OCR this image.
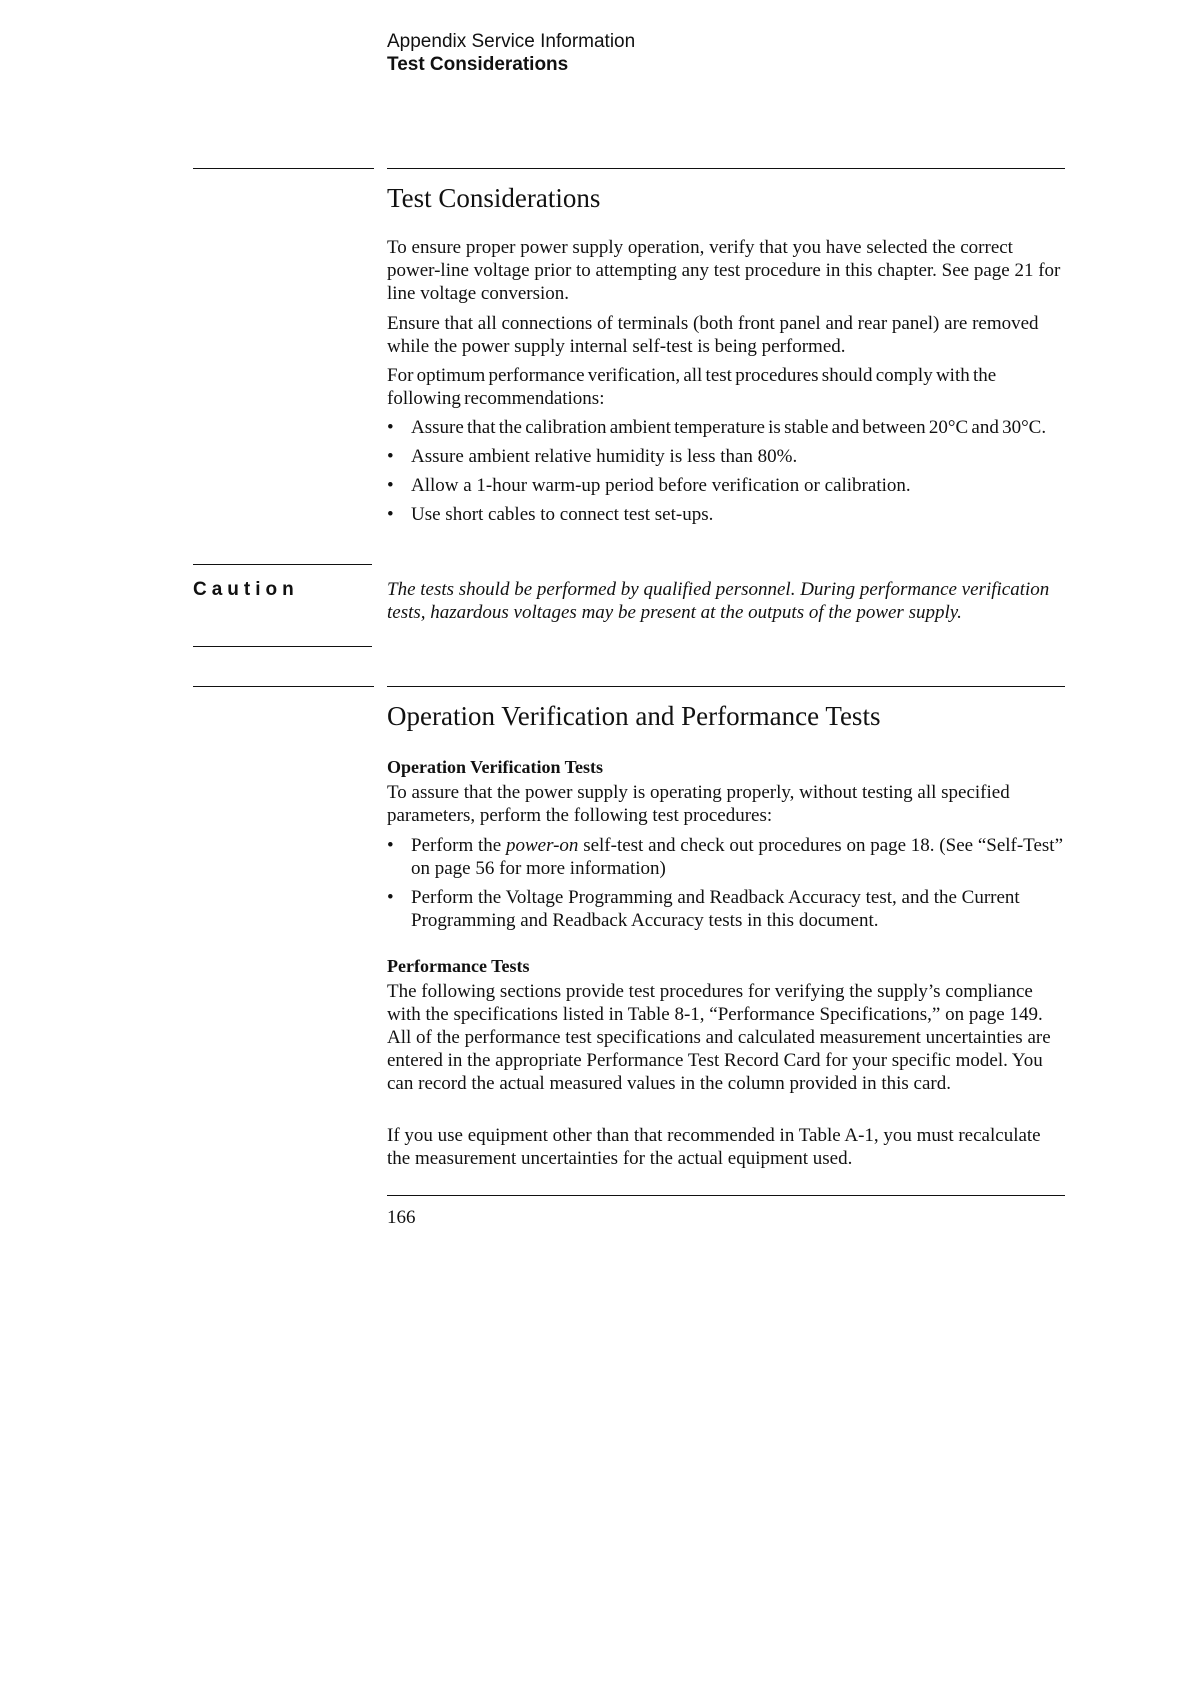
Appendix Service Information
Test Considerations
Test Considerations

To ensure proper power supply operation, verify that you have selected the correct power-line voltage prior to attempting any test procedure in this chapter. See page 21 for line voltage conversion.

Ensure that all connections of terminals (both front panel and rear panel) are removed while the power supply internal self-test is being performed.

For optimum performance verification, all test procedures should comply with the following recommendations:

• Assure that the calibration ambient temperature is stable and between 20°C and 30°C.
• Assure ambient relative humidity is less than 80%.
• Allow a 1-hour warm-up period before verification or calibration.
• Use short cables to connect test set-ups.
Caution	The tests should be performed by qualified personnel. During performance verification tests, hazardous voltages may be present at the outputs of the power supply.

Operation Verification and Performance Tests

Operation Verification Tests

To assure that the power supply is operating properly, without testing all specified parameters, perform the following test procedures:

• Perform the power-on self-test and check out procedures on page 18. (See “Self-Test” on page 56 for more information)
• Perform the Voltage Programming and Readback Accuracy test, and the Current Programming and Readback Accuracy tests in this document.

Performance Tests

The following sections provide test procedures for verifying the supply’s compliance with the specifications listed in Table 8-1, “Performance Specifications,” on page 149. All of the performance test specifications and calculated measurement uncertainties are entered in the appropriate Performance Test Record Card for your specific model. You can record the actual measured values in the column provided in this card.

If you use equipment other than that recommended in Table A-1, you must recalculate the measurement uncertainties for the actual equipment used.

166
